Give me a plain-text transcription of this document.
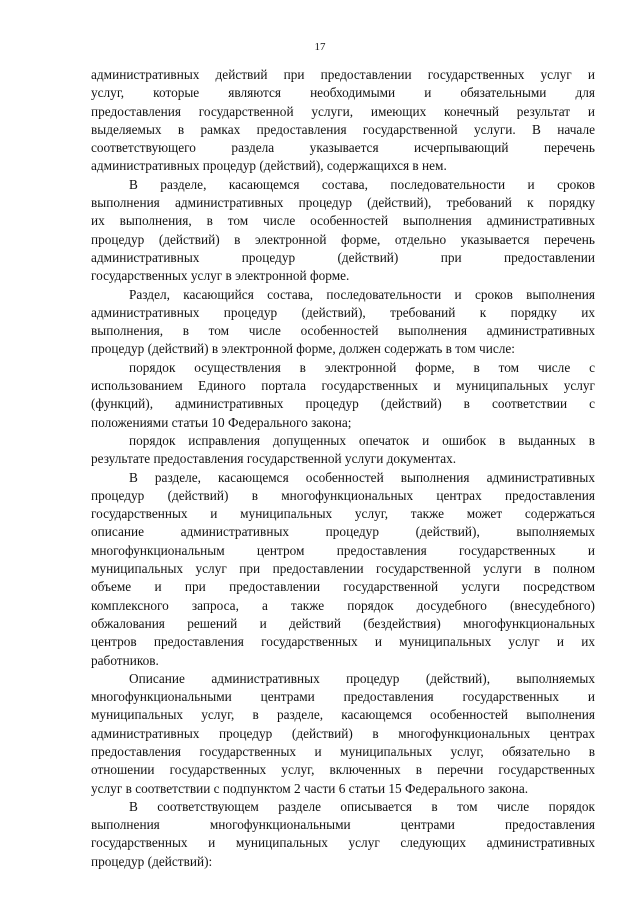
17

административных действий при предоставлении государственных услуг и
услуг, которые являются необходимыми и обязательными для
предоставления государственной услуги, имеющих конечный результат и
выделяемых в рамках предоставления государственной услуги. В начале
соответствующего раздела указывается исчерпывающий перечень
административных процедур (действий), содержащихся в нем.

В разделе, касающемся состава, последовательности и сроков
выполнения административных процедур (действий), требований к порядку
их выполнения, в том числе особенностей выполнения административных
процедур (действий) в электронной форме, отдельно указывается перечень
административных процедур (действий) при предоставлении
государственных услуг в электронной форме.

Раздел, касающийся состава, последовательности и сроков выполнения
административных процедур (действий), требований к порядку их
выполнения, в том числе особенностей выполнения административных
процедур (действий) в электронной форме, должен содержать в том числе:

порядок осуществления в электронной форме, в том числе с
использованием Единого портала государственных и муниципальных услуг
(функций), административных процедур (действий) в соответствии с
положениями статьи 10 Федерального закона;

порядок исправления допущенных опечаток и ошибок в выданных в
результате предоставления государственной услуги документах.

В разделе, касающемся особенностей выполнения административных
процедур (действий) в многофункциональных центрах предоставления
государственных и муниципальных услуг, также может содержаться
описание административных процедур (действий), выполняемых
многофункциональным центром предоставления государственных и
муниципальных услуг при предоставлении государственной услуги в полном
объеме и при предоставлении государственной услуги посредством
комплексного запроса, а также порядок досудебного (внесудебного)
обжалования решений и действий (бездействия) многофункциональных
центров предоставления государственных и муниципальных услуг и их
работников.

Описание административных процедур (действий), выполняемых
многофункциональными центрами предоставления государственных и
муниципальных услуг, в разделе, касающемся особенностей выполнения
административных процедур (действий) в многофункциональных центрах
предоставления государственных и муниципальных услуг, обязательно в
отношении государственных услуг, включенных в перечни государственных
услуг в соответствии с подпунктом 2 части 6 статьи 15 Федерального закона.

В соответствующем разделе описывается в том числе порядок
выполнения многофункциональными центрами предоставления
государственных и муниципальных услуг следующих административных
процедур (действий):
